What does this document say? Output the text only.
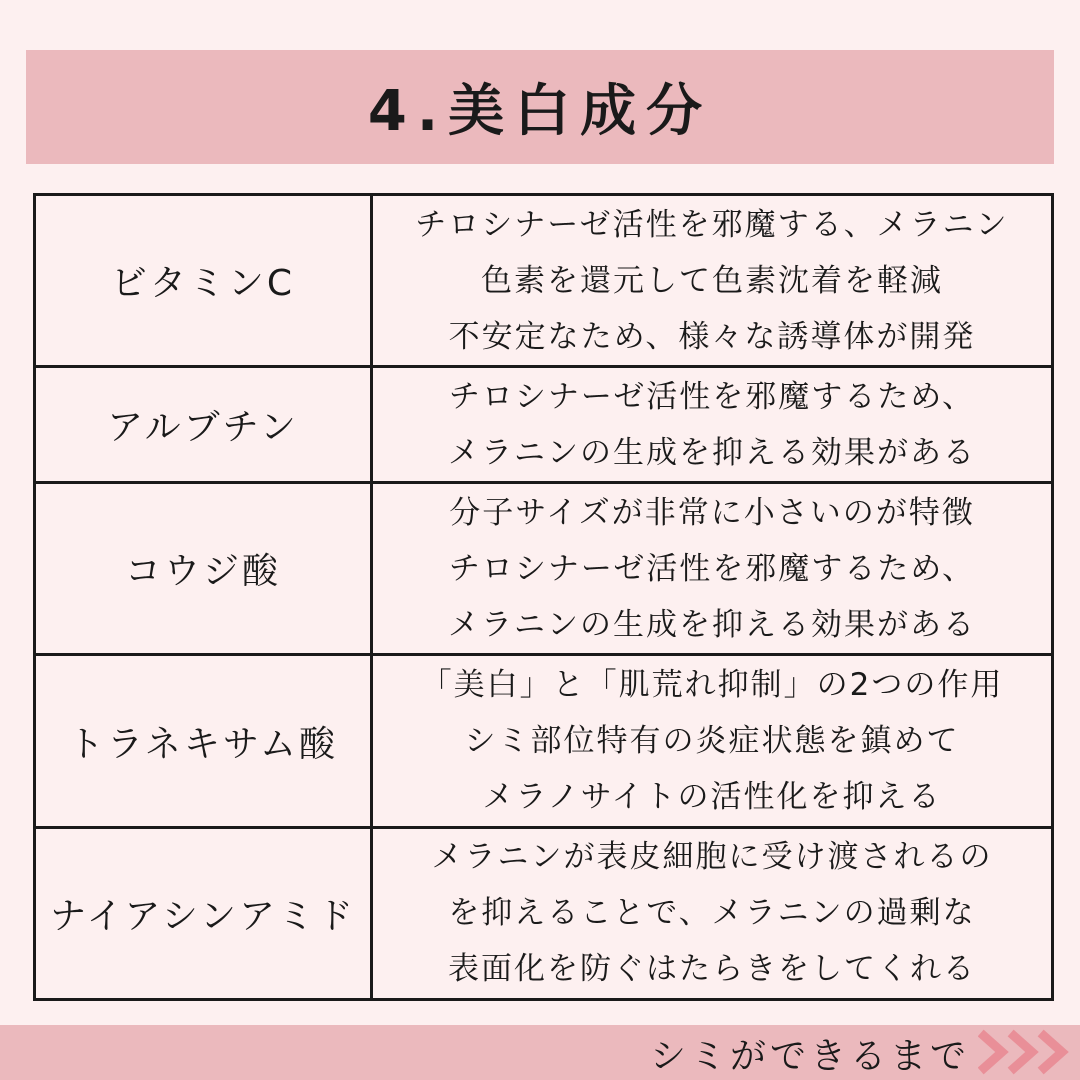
4.美白成分
ビタミンC	チロシナーゼ活性を邪魔する、メラニン
色素を還元して色素沈着を軽減
不安定なため、様々な誘導体が開発

アルブチン	チロシナーゼ活性を邪魔するため、
メラニンの生成を抑える効果がある

コウジ酸	分子サイズが非常に小さいのが特徴
チロシナーゼ活性を邪魔するため、
メラニンの生成を抑える効果がある

トラネキサム酸	「美白」と「肌荒れ抑制」の2つの作用
シミ部位特有の炎症状態を鎮めて
メラノサイトの活性化を抑える

ナイアシンアミド	メラニンが表皮細胞に受け渡されるの
を抑えることで、メラニンの過剰な
表面化を防ぐはたらきをしてくれる
シミができるまで
